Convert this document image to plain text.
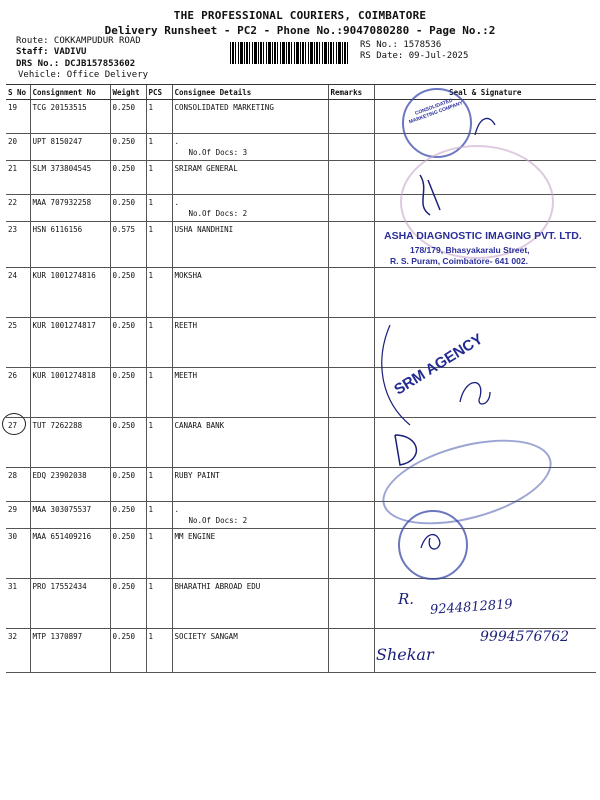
THE PROFESSIONAL COURIERS, COIMBATORE
Delivery Runsheet - PC2 - Phone No.:9047080280 - Page No.:2
Route: COKKAMPUDUR ROAD
Staff: VADIVU
DRS No.: DCJB157853602
Vehicle: Office Delivery
RS No.: 1578536
RS Date: 09-Jul-2025
S No	Consignment No	Weight	PCS	Consignee Details	Remarks	Seal & Signature
19	TCG 20153515	0.250	1	CONSOLIDATED MARKETING		
20	UPT 8150247	0.250	1	.
No.Of Docs: 3		

21	SLM 373804545	0.250	1	SRIRAM GENERAL		
22	MAA 707932258	0.250	1	.
No.Of Docs: 2		

23	HSN 6116156	0.575	1	USHA NANDHINI		
24	KUR 1001274816	0.250	1	MOKSHA		
25	KUR 1001274817	0.250	1	REETH		
26	KUR 1001274818	0.250	1	MEETH		
27	TUT 7262288	0.250	1	CANARA BANK		
28	EDQ 23902038	0.250	1	RUBY PAINT		
29	MAA 303075537	0.250	1	.
No.Of Docs: 2		

30	MAA 651409216	0.250	1	MM ENGINE		
31	PRO 17552434	0.250	1	BHARATHI ABROAD EDU		
32	MTP 1370897	0.250	1	SOCIETY SANGAM		
CONSOLIDATED MARKETING COMPANY
ASHA DIAGNOSTIC IMAGING PVT. LTD.
178/179, Bhasyakaralu Street,
R. S. Puram, Coimbatore- 641 002.
SRM AGENCY
R. 9244812819
9994576762
Shekar
